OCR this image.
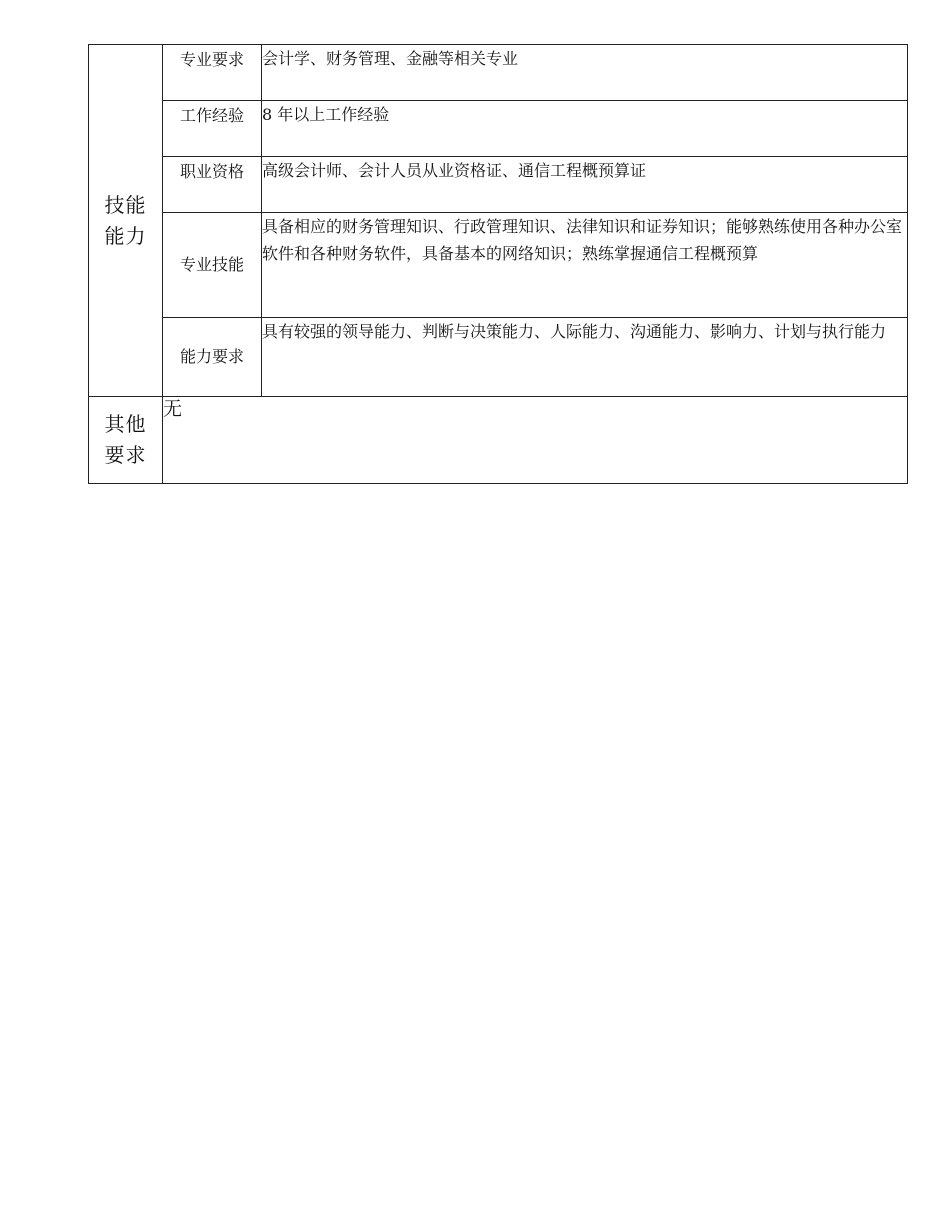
技能能力	专业要求	会计学、财务管理、金融等相关专业
	工作经验	8 年以上工作经验
	职业资格	高级会计师、会计人员从业资格证、通信工程概预算证
	专业技能	具备相应的财务管理知识、行政管理知识、法律知识和证券知识；能够熟练使用各种办公室软件和各种财务软件，具备基本的网络知识；熟练掌握通信工程概预算
	能力要求	具有较强的领导能力、判断与决策能力、人际能力、沟通能力、影响力、计划与执行能力
其他要求	无	
